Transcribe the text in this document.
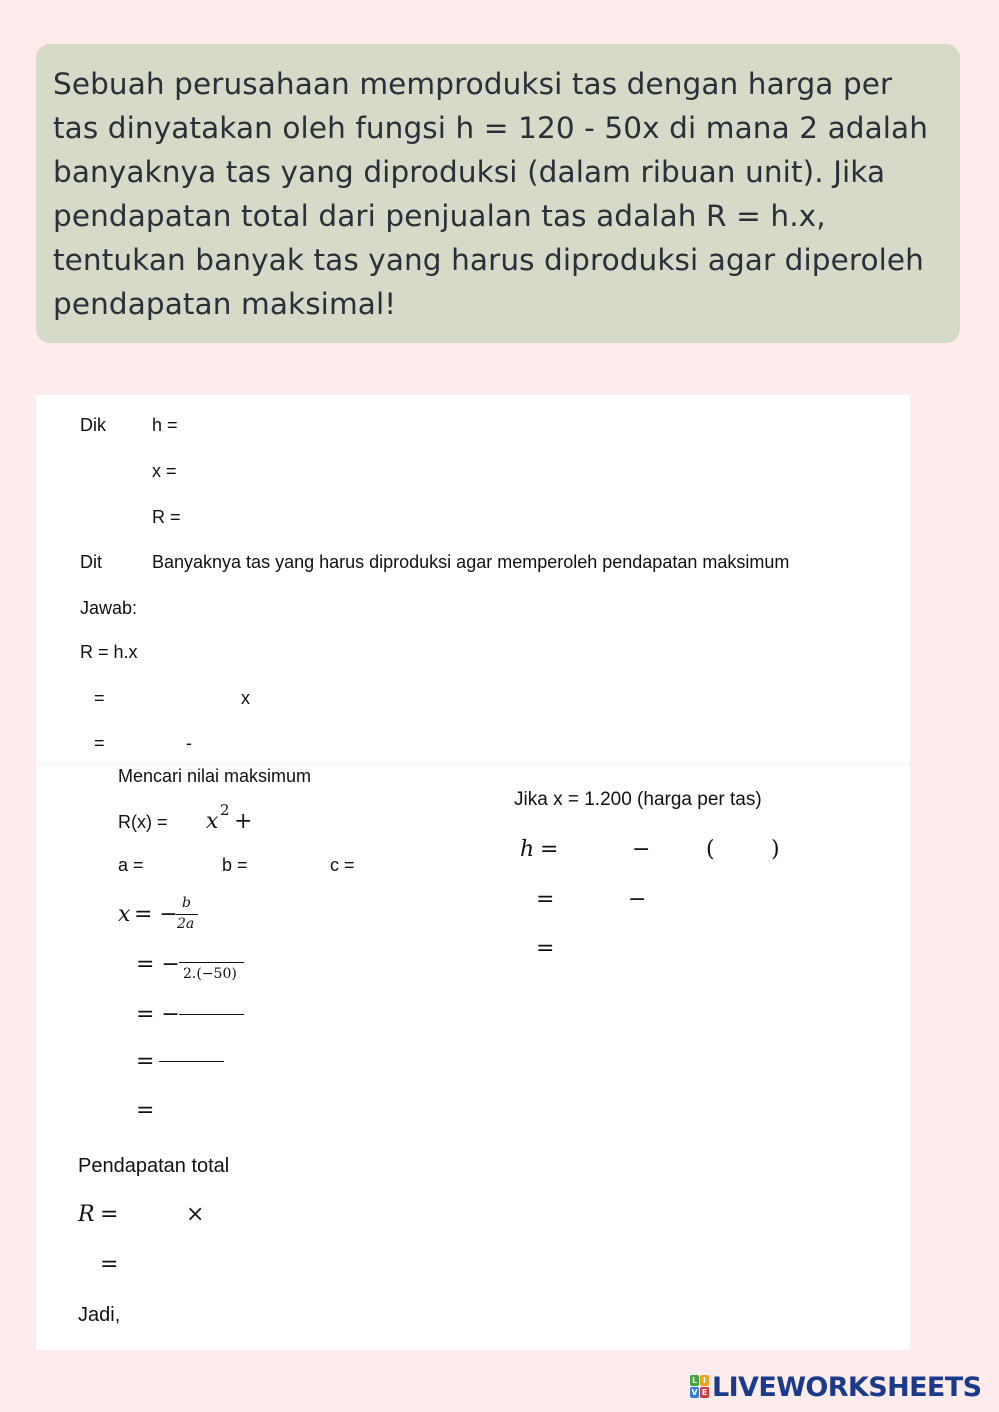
Sebuah perusahaan memproduksi tas dengan harga per tas dinyatakan oleh fungsi h = 120 - 50x di mana 2 adalah banyaknya tas yang diproduksi (dalam ribuan unit). Jika pendapatan total dari penjualan tas adalah R = h.x, tentukan banyak tas yang harus diproduksi agar diperoleh pendapatan maksimal!
Dik	h =
x =
R =
Dit	Banyaknya tas yang harus diproduksi agar memperoleh pendapatan maksimum
Jawab:
R = h.x
=	x
=	-
Mencari nilai maksimum
R(x) = x 2 +
a =	b =	c =
x = − b
2a
= − 2.(−50)
= −
=
=
Jika x = 1.200 (harga per tas)
h =	−	(	)
=	−
=
Pendapatan total
R =	×
=
Jadi,
L I
V E LIVEWORKSHEETS
